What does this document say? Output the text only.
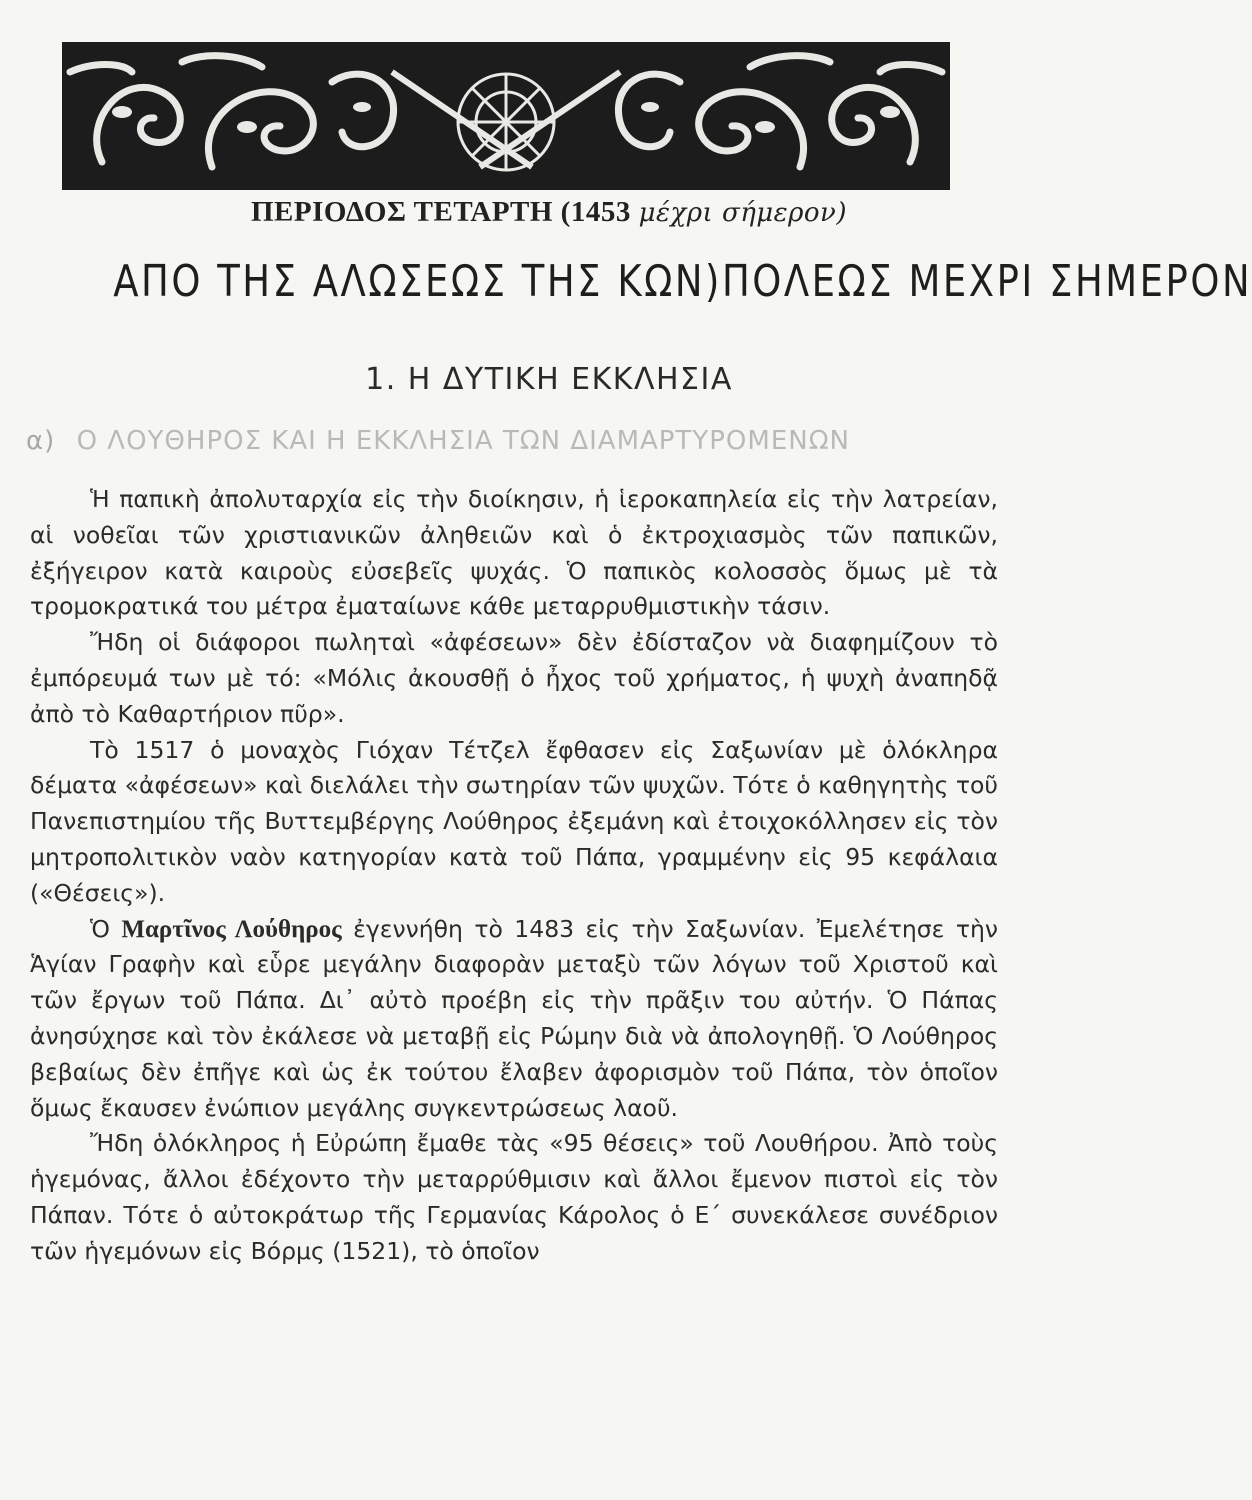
ΠΕΡΙΟΔΟΣ ΤΕΤΑΡΤΗ (1453 μέχρι σήμερον)
ΑΠΟ ΤΗΣ ΑΛΩΣΕΩΣ ΤΗΣ ΚΩΝ)ΠΟΛΕΩΣ ΜΕΧΡΙ ΣΗΜΕΡΟΝ
1. Η ΔΥΤΙΚΗ ΕΚΚΛΗΣΙΑ
α) Ο ΛΟΥΘΗΡΟΣ ΚΑΙ Η ΕΚΚΛΗΣΙΑ ΤΩΝ ΔΙΑΜΑΡΤΥΡΟΜΕΝΩΝ

Ἡ παπικὴ ἀπολυταρχία εἰς τὴν διοίκησιν, ἡ ἱεροκαπηλεία εἰς τὴν λατρείαν, αἱ νοθεῖαι τῶν χριστιανικῶν ἀληθειῶν καὶ ὁ ἐκτροχιασμὸς τῶν παπικῶν, ἐξήγειρον κατὰ καιροὺς εὐσεβεῖς ψυχάς. Ὁ παπικὸς κολοσσὸς ὅμως μὲ τὰ τρομοκρατικά του μέτρα ἐματαίωνε κάθε μεταρρυθμιστικὴν τάσιν.

Ἤδη οἱ διάφοροι πωληταὶ «ἀφέσεων» δὲν ἐδίσταζον νὰ διαφημίζουν τὸ ἐμπόρευμά των μὲ τό: «Μόλις ἀκουσθῇ ὁ ἦχος τοῦ χρήματος, ἡ ψυχὴ ἀναπηδᾷ ἀπὸ τὸ Καθαρτήριον πῦρ».

Τὸ 1517 ὁ μοναχὸς Γιόχαν Τέτζελ ἔφθασεν εἰς Σαξωνίαν μὲ ὁλόκληρα δέματα «ἀφέσεων» καὶ διελάλει τὴν σωτηρίαν τῶν ψυχῶν. Τότε ὁ καθηγητὴς τοῦ Πανεπιστημίου τῆς Βυττεμβέργης Λούθηρος ἐξεμάνη καὶ ἐτοιχοκόλλησεν εἰς τὸν μητροπολιτικὸν ναὸν κατηγορίαν κατὰ τοῦ Πάπα, γραμμένην εἰς 95 κεφάλαια («Θέσεις»).

Ὁ Μαρτῖνος Λούθηρος ἐγεννήθη τὸ 1483 εἰς τὴν Σαξωνίαν. Ἐμελέτησε τὴν Ἁγίαν Γραφὴν καὶ εὗρε μεγάλην διαφορὰν μεταξὺ τῶν λόγων τοῦ Χριστοῦ καὶ τῶν ἔργων τοῦ Πάπα. Δι᾽ αὐτὸ προέβη εἰς τὴν πρᾶξιν του αὐτήν. Ὁ Πάπας ἀνησύχησε καὶ τὸν ἐκάλεσε νὰ μεταβῇ εἰς Ρώμην διὰ νὰ ἀπολογηθῇ. Ὁ Λούθηρος βεβαίως δὲν ἐπῆγε καὶ ὡς ἐκ τούτου ἔλαβεν ἀφορισμὸν τοῦ Πάπα, τὸν ὁποῖον ὅμως ἔκαυσεν ἐνώπιον μεγάλης συγκεντρώσεως λαοῦ.

Ἤδη ὁλόκληρος ἡ Εὐρώπη ἔμαθε τὰς «95 θέσεις» τοῦ Λουθήρου. Ἀπὸ τοὺς ἡγεμόνας, ἄλλοι ἐδέχοντο τὴν μεταρρύθμισιν καὶ ἄλλοι ἔμενον πιστοὶ εἰς τὸν Πάπαν. Τότε ὁ αὐτοκράτωρ τῆς Γερμανίας Κάρολος ὁ Ε΄ συνεκάλεσε συνέδριον τῶν ἡγεμόνων εἰς Βόρμς (1521), τὸ ὁποῖον
